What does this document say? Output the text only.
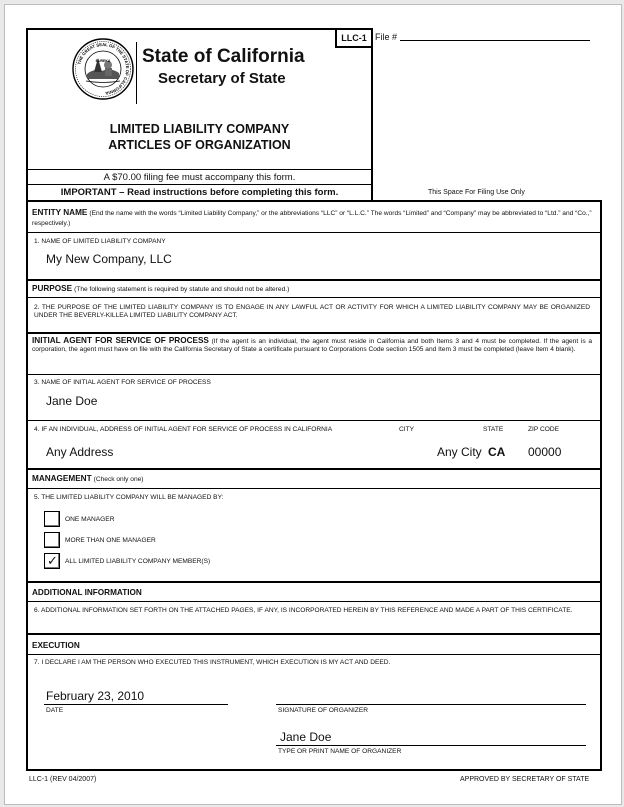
LLC-1
THE GREAT SEAL OF THE STATE OF CALIFORNIA
EUREKA State of California
Secretary of State
LIMITED LIABILITY COMPANY
ARTICLES OF ORGANIZATION
A $70.00 filing fee must accompany this form.
IMPORTANT – Read instructions before completing this form.
File #
This Space For Filing Use Only
ENTITY NAME (End the name with the words “Limited Liability Company,” or the abbreviations “LLC” or “L.L.C.” The words “Limited” and “Company” may be abbreviated to “Ltd.” and “Co.,” respectively.)
1. NAME OF LIMITED LIABILITY COMPANY
My New Company, LLC
PURPOSE (The following statement is required by statute and should not be altered.)
2. THE PURPOSE OF THE LIMITED LIABILITY COMPANY IS TO ENGAGE IN ANY LAWFUL ACT OR ACTIVITY FOR WHICH A LIMITED LIABILITY COMPANY MAY BE ORGANIZED UNDER THE BEVERLY-KILLEA LIMITED LIABILITY COMPANY ACT.
INITIAL AGENT FOR SERVICE OF PROCESS (If the agent is an individual, the agent must reside in California and both Items 3 and 4 must be completed. If the agent is a corporation, the agent must have on file with the California Secretary of State a certificate pursuant to Corporations Code section 1505 and Item 3 must be completed (leave Item 4 blank).
3. NAME OF INITIAL AGENT FOR SERVICE OF PROCESS
Jane Doe
4. IF AN INDIVIDUAL, ADDRESS OF INITIAL AGENT FOR SERVICE OF PROCESS IN CALIFORNIA	CITY	STATE	ZIP CODE
Any Address	Any City CA 00000
MANAGEMENT (Check only one)
5. THE LIMITED LIABILITY COMPANY WILL BE MANAGED BY:
ONE MANAGER
MORE THAN ONE MANAGER
✓ ALL LIMITED LIABILITY COMPANY MEMBER(S)
ADDITIONAL INFORMATION
6. ADDITIONAL INFORMATION SET FORTH ON THE ATTACHED PAGES, IF ANY, IS INCORPORATED HEREIN BY THIS REFERENCE AND MADE A PART OF THIS CERTIFICATE.
EXECUTION
7. I DECLARE I AM THE PERSON WHO EXECUTED THIS INSTRUMENT, WHICH EXECUTION IS MY ACT AND DEED.
February 23, 2010
DATE	SIGNATURE OF ORGANIZER
Jane Doe
TYPE OR PRINT NAME OF ORGANIZER
LLC-1 (REV 04/2007)	APPROVED BY SECRETARY OF STATE
